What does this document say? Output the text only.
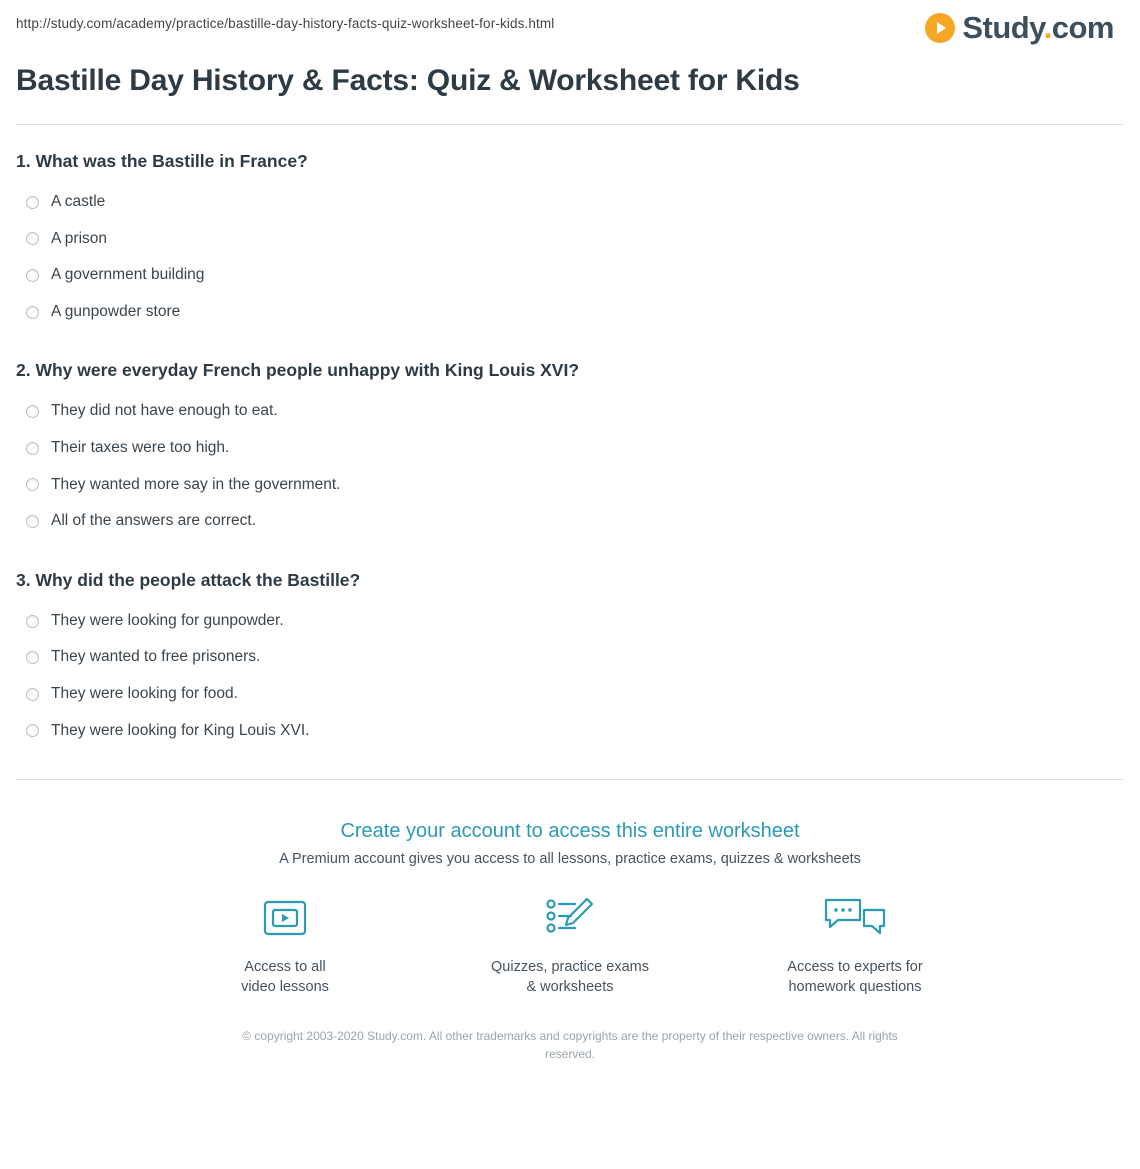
http://study.com/academy/practice/bastille-day-history-facts-quiz-worksheet-for-kids.html	Study.com
Bastille Day History & Facts: Quiz & Worksheet for Kids

1. What was the Bastille in France?

A castle
A prison
A government building
A gunpowder store

2. Why were everyday French people unhappy with King Louis XVI?

They did not have enough to eat.
Their taxes were too high.
They wanted more say in the government.
All of the answers are correct.

3. Why did the people attack the Bastille?

They were looking for gunpowder.
They wanted to free prisoners.
They were looking for food.
They were looking for King Louis XVI.

Create your account to access this entire worksheet

A Premium account gives you access to all lessons, practice exams, quizzes & worksheets

Access to all
video lessons
Quizzes, practice exams
& worksheets
Access to experts for
homework questions
© copyright 2003-2020 Study.com. All other trademarks and copyrights are the property of their respective owners. All rights reserved.
